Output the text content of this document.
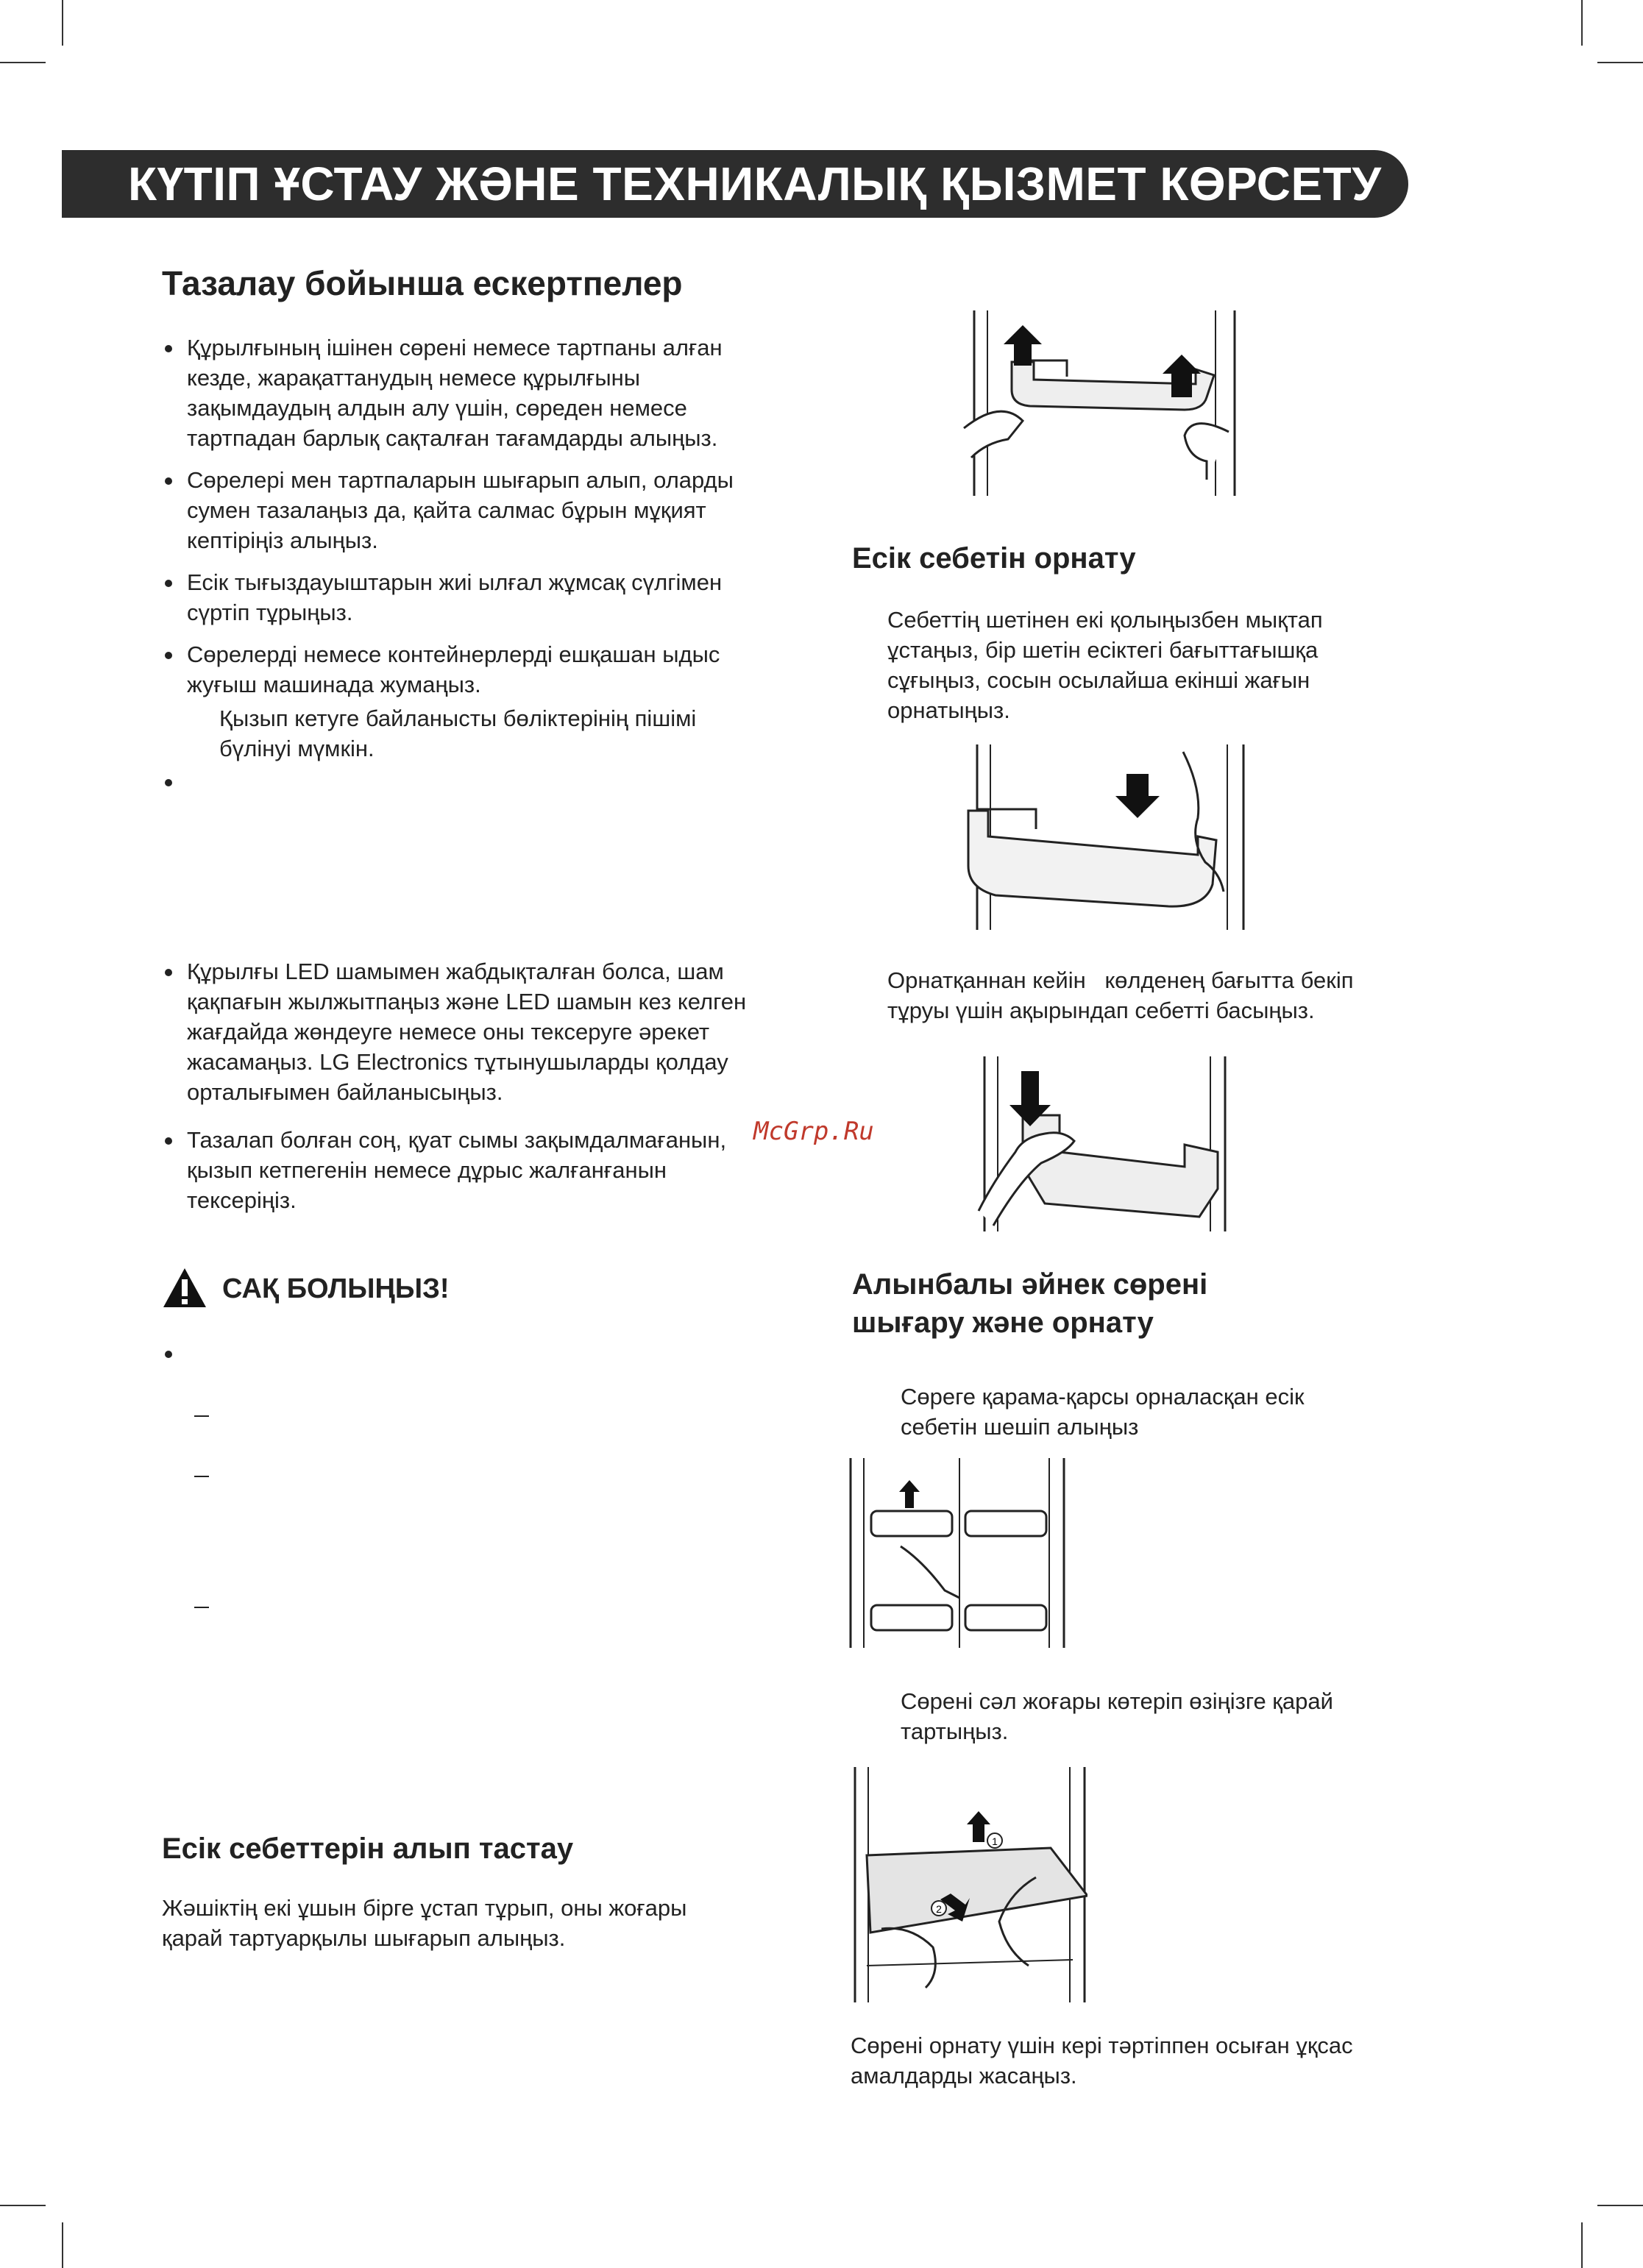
КҮТІП ҰСТАУ ЖӘНЕ ТЕХНИКАЛЫҚ ҚЫЗМЕТ КӨРСЕТУ
Тазалау бойынша ескертпелер
Құрылғының ішінен сөрені немесе тартпаны алған кезде, жарақаттанудың немесе құрылғыны зақымдаудың алдын алу үшін, сөреден немесе тартпадан барлық сақталған тағамдарды алыңыз.
Сөрелері мен тартпаларын шығарып алып, оларды сумен тазалаңыз да, қайта салмас бұрын мұқият кептіріңіз алыңыз.
Есік тығыздауыштарын жиі ылғал жұмсақ сүлгімен сүртіп тұрыңыз.
Сөрелерді немесе контейнерлерді ешқашан ыдыс жуғыш машинада жумаңыз.

Қызып кетуге байланысты бөліктерінің пішімі бүлінуі мүмкін.

Құрылғы LED шамымен жабдықталған болса, шам қақпағын жылжытпаңыз және LED шамын кез келген жағдайда жөндеуге немесе оны тексеруге әрекет жасамаңыз. LG Electronics тұтынушыларды қолдау орталығымен байланысыңыз.
Тазалап болған соң, қуат сымы зақымдалмағанын, қызып кетпегенін немесе дұрыс жалғанғанын тексеріңіз.
САҚ БОЛЫҢЫЗ!
Есік себеттерін алып тастау

Жәшіктің екі ұшын бірге ұстап тұрып, оны жоғары қарай тартуарқылы шығарып алыңыз.

Есік себетін орнату

Себеттің шетінен екі қолыңызбен мықтап ұстаңыз, бір шетін есіктегі бағыттағышқа сұғыңыз, сосын осылайша екінші жағын орнатыңыз.

Орнатқаннан кейін   көлденең бағытта бекіп тұруы үшін ақырындап себетті басыңыз.

McGrp.Ru
Алынбалы әйнек сөрені
шығару және орнату

Сөреге қарама-қарсы орналасқан есік себетін шешіп алыңыз

Сөрені сәл жоғары көтеріп өзіңізге қарай тартыңыз.

1
2

Сөрені орнату үшін кері тәртіппен осыған ұқсас амалдарды жасаңыз.
